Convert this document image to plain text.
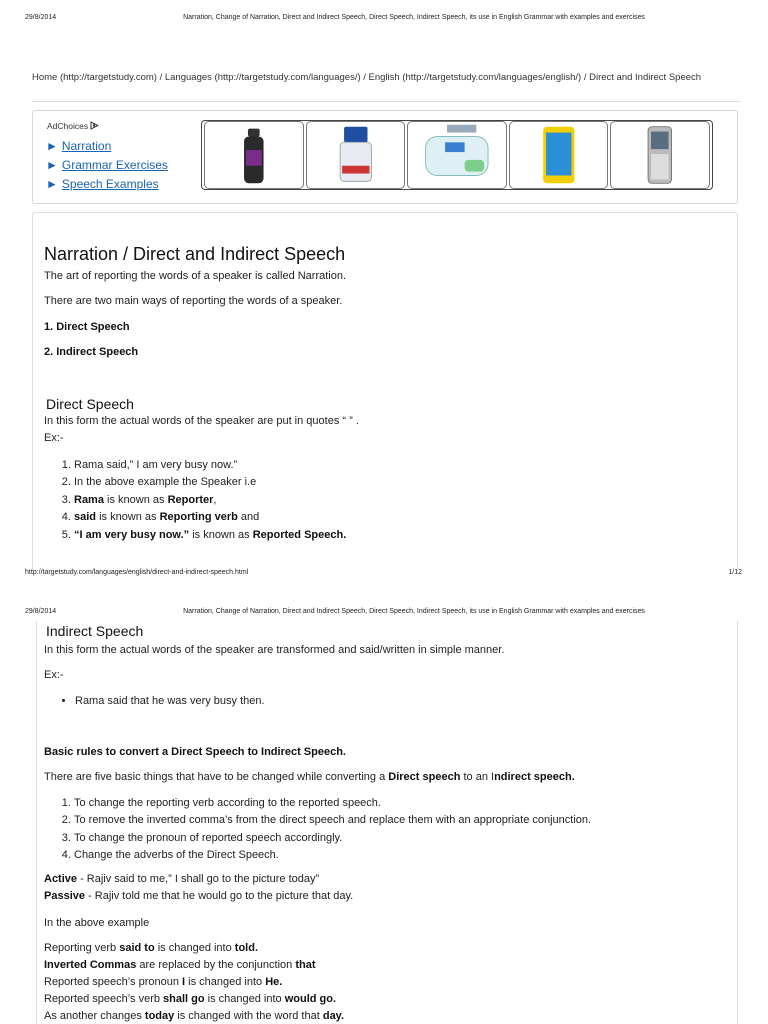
29/8/2014	Narration, Change of Narration, Direct and Indirect Speech, Direct Speech, Indirect Speech, its use in English Grammar with examples and exercises
Home (http://targetstudy.com) / Languages (http://targetstudy.com/languages/) / English (http://targetstudy.com/languages/english/) / Direct and Indirect Speech
AdChoices
► Narration
► Grammar Exercises
► Speech Examples
Narration / Direct and Indirect Speech
The art of reporting the words of a speaker is called Narration.
There are two main ways of reporting the words of a speaker.
1. Direct Speech
2. Indirect Speech
Direct Speech
In this form the actual words of the speaker are put in quotes “ ” .
Ex:-
1. Rama said,” I am very busy now.”
2. In the above example the Speaker i.e
3. Rama is known as Reporter,
4. said is known as Reporting verb and
5. “I am very busy now.” is known as Reported Speech.
http://targetstudy.com/languages/english/direct-and-indirect-speech.html	1/12
29/8/2014	Narration, Change of Narration, Direct and Indirect Speech, Direct Speech, Indirect Speech, its use in English Grammar with examples and exercises
Indirect Speech
In this form the actual words of the speaker are transformed and said/written in simple manner.
Ex:-
• Rama said that he was very busy then.
Basic rules to convert a Direct Speech to Indirect Speech.
There are five basic things that have to be changed while converting a Direct speech to an Indirect speech.
1. To change the reporting verb according to the reported speech.
2. To remove the inverted comma’s from the direct speech and replace them with an appropriate conjunction.
3. To change the pronoun of reported speech accordingly.
4. Change the adverbs of the Direct Speech.
Active - Rajiv said to me,” I shall go to the picture today”
Passive - Rajiv told me that he would go to the picture that day.
In the above example
Reporting verb said to is changed into told.
Inverted Commas are replaced by the conjunction that
Reported speech’s pronoun I is changed into He.
Reported speech’s verb shall go is changed into would go.
As another changes today is changed with the word that day.
